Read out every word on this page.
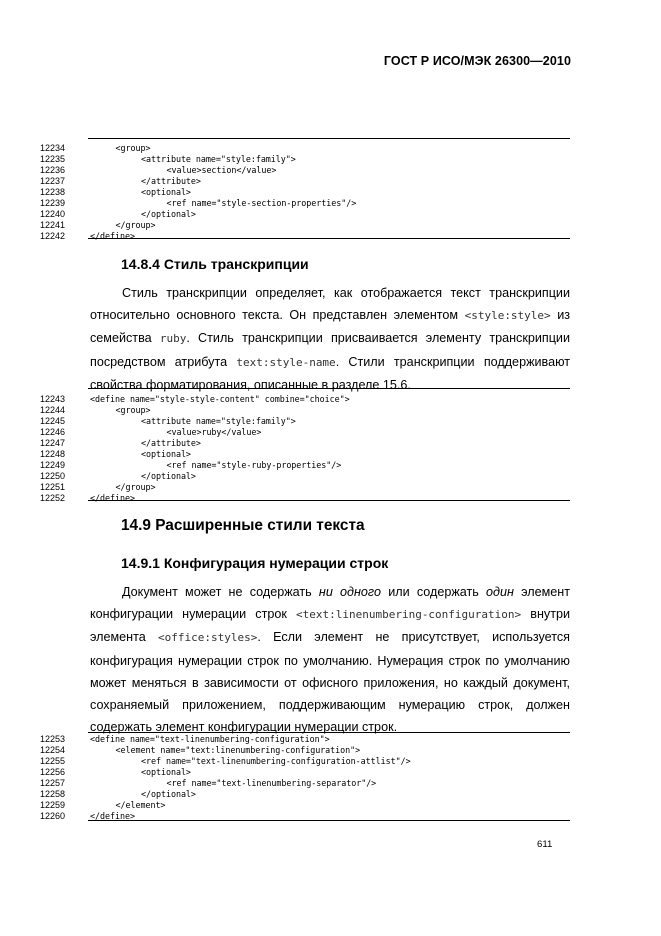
ГОСТ Р ИСО/МЭК 26300—2010
12234	<group>
12235	<attribute name="style:family">
12236	<value>section</value>
12237	</attribute>
12238	<optional>
12239	<ref name="style-section-properties"/>
12240	</optional>
12241	</group>
12242	</define>
14.8.4 Стиль транскрипции
Стиль транскрипции определяет, как отображается текст транскрипции
относительно основного текста. Он представлен элементом <style:style> из
семейства ruby. Стиль транскрипции присваивается элементу транскрипции
посредством атрибута text:style-name. Стили транскрипции поддерживают
свойства форматирования, описанные в разделе 15.6.
12243	<define name="style-style-content" combine="choice">
12244	<group>
12245	<attribute name="style:family">
12246	<value>ruby</value>
12247	</attribute>
12248	<optional>
12249	<ref name="style-ruby-properties"/>
12250	</optional>
12251	</group>
12252	</define>
14.9 Расширенные стили текста
14.9.1 Конфигурация нумерации строк
Документ может не содержать ни одного или содержать один элемент
конфигурации нумерации строк <text:linenumbering-configuration> внутри
элемента <office:styles>. Если элемент не присутствует, используется
конфигурация нумерации строк по умолчанию. Нумерация строк по умолчанию
может меняться в зависимости от офисного приложения, но каждый документ,
сохраняемый приложением, поддерживающим нумерацию строк, должен
содержать элемент конфигурации нумерации строк.
12253	<define name="text-linenumbering-configuration">
12254	<element name="text:linenumbering-configuration">
12255	<ref name="text-linenumbering-configuration-attlist"/>
12256	<optional>
12257	<ref name="text-linenumbering-separator"/>
12258	</optional>
12259	</element>
12260	</define>
611
